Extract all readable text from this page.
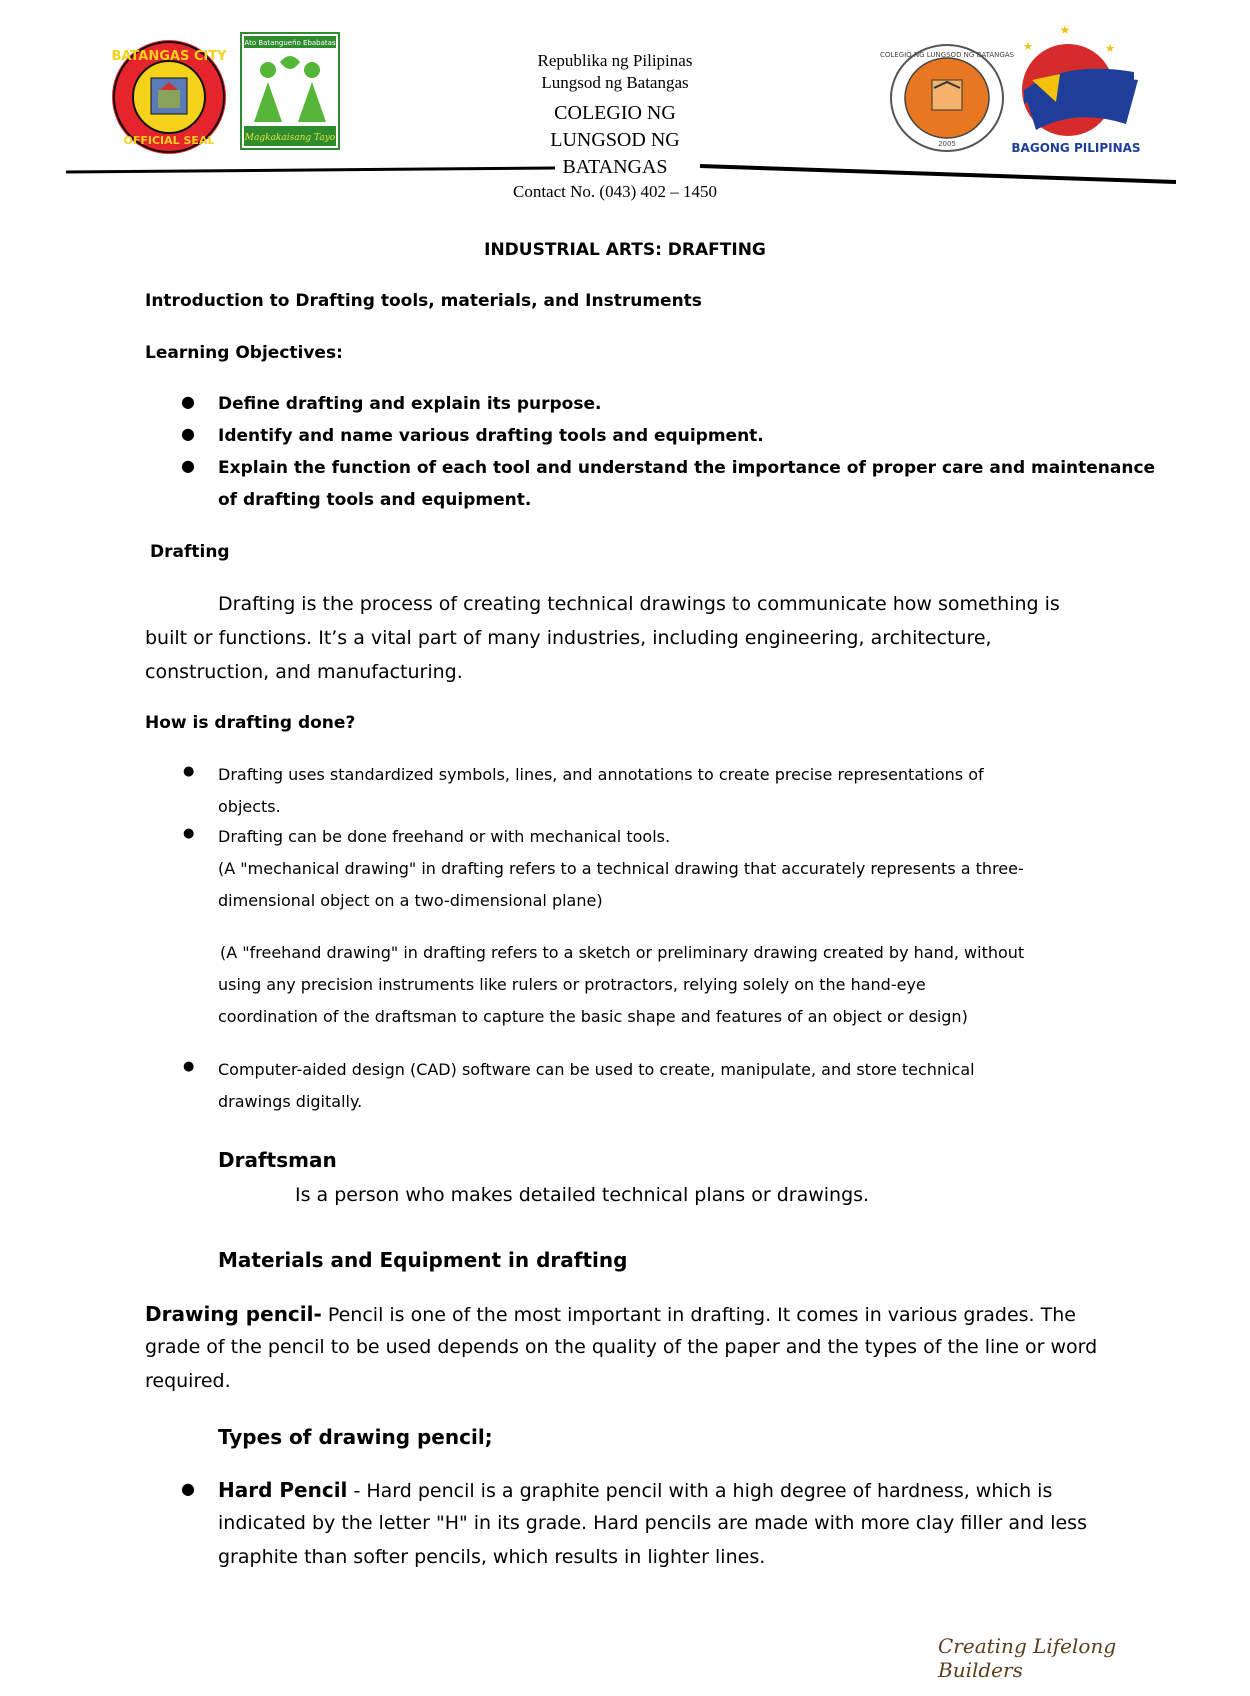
BATANGAS CITY
OFFICIAL SEAL
Ato Batangueño Ebabatas
Magkakaisang Tayo
COLEGIO NG LUNGSOD NG BATANGAS
2005
★
★	★
BAGONG PILIPINAS
Republika ng Pilipinas
Lungsod ng Batangas
COLEGIO NG
LUNGSOD NG
BATANGAS
Contact No. (043) 402 – 1450
INDUSTRIAL ARTS: DRAFTING
Introduction to Drafting tools, materials, and Instruments
Learning Objectives:
● Define drafting and explain its purpose.
● Identify and name various drafting tools and equipment.
● Explain the function of each tool and understand the importance of proper care and maintenance
of drafting tools and equipment.
Drafting
Drafting is the process of creating technical drawings to communicate how something is
built or functions. It’s a vital part of many industries, including engineering, architecture,
construction, and manufacturing.
How is drafting done?
● Drafting uses standardized symbols, lines, and annotations to create precise representations of
objects.
● Drafting can be done freehand or with mechanical tools.
(A "mechanical drawing" in drafting refers to a technical drawing that accurately represents a three-
dimensional object on a two-dimensional plane)
(A "freehand drawing" in drafting refers to a sketch or preliminary drawing created by hand, without
using any precision instruments like rulers or protractors, relying solely on the hand-eye
coordination of the draftsman to capture the basic shape and features of an object or design)
● Computer-aided design (CAD) software can be used to create, manipulate, and store technical
drawings digitally.
Draftsman
Is a person who makes detailed technical plans or drawings.
Materials and Equipment in drafting
Drawing pencil- Pencil is one of the most important in drafting. It comes in various grades. The
grade of the pencil to be used depends on the quality of the paper and the types of the line or word
required.
Types of drawing pencil;
● Hard Pencil - Hard pencil is a graphite pencil with a high degree of hardness, which is
indicated by the letter "H" in its grade. Hard pencils are made with more clay filler and less
graphite than softer pencils, which results in lighter lines.
Creating Lifelong Builders
